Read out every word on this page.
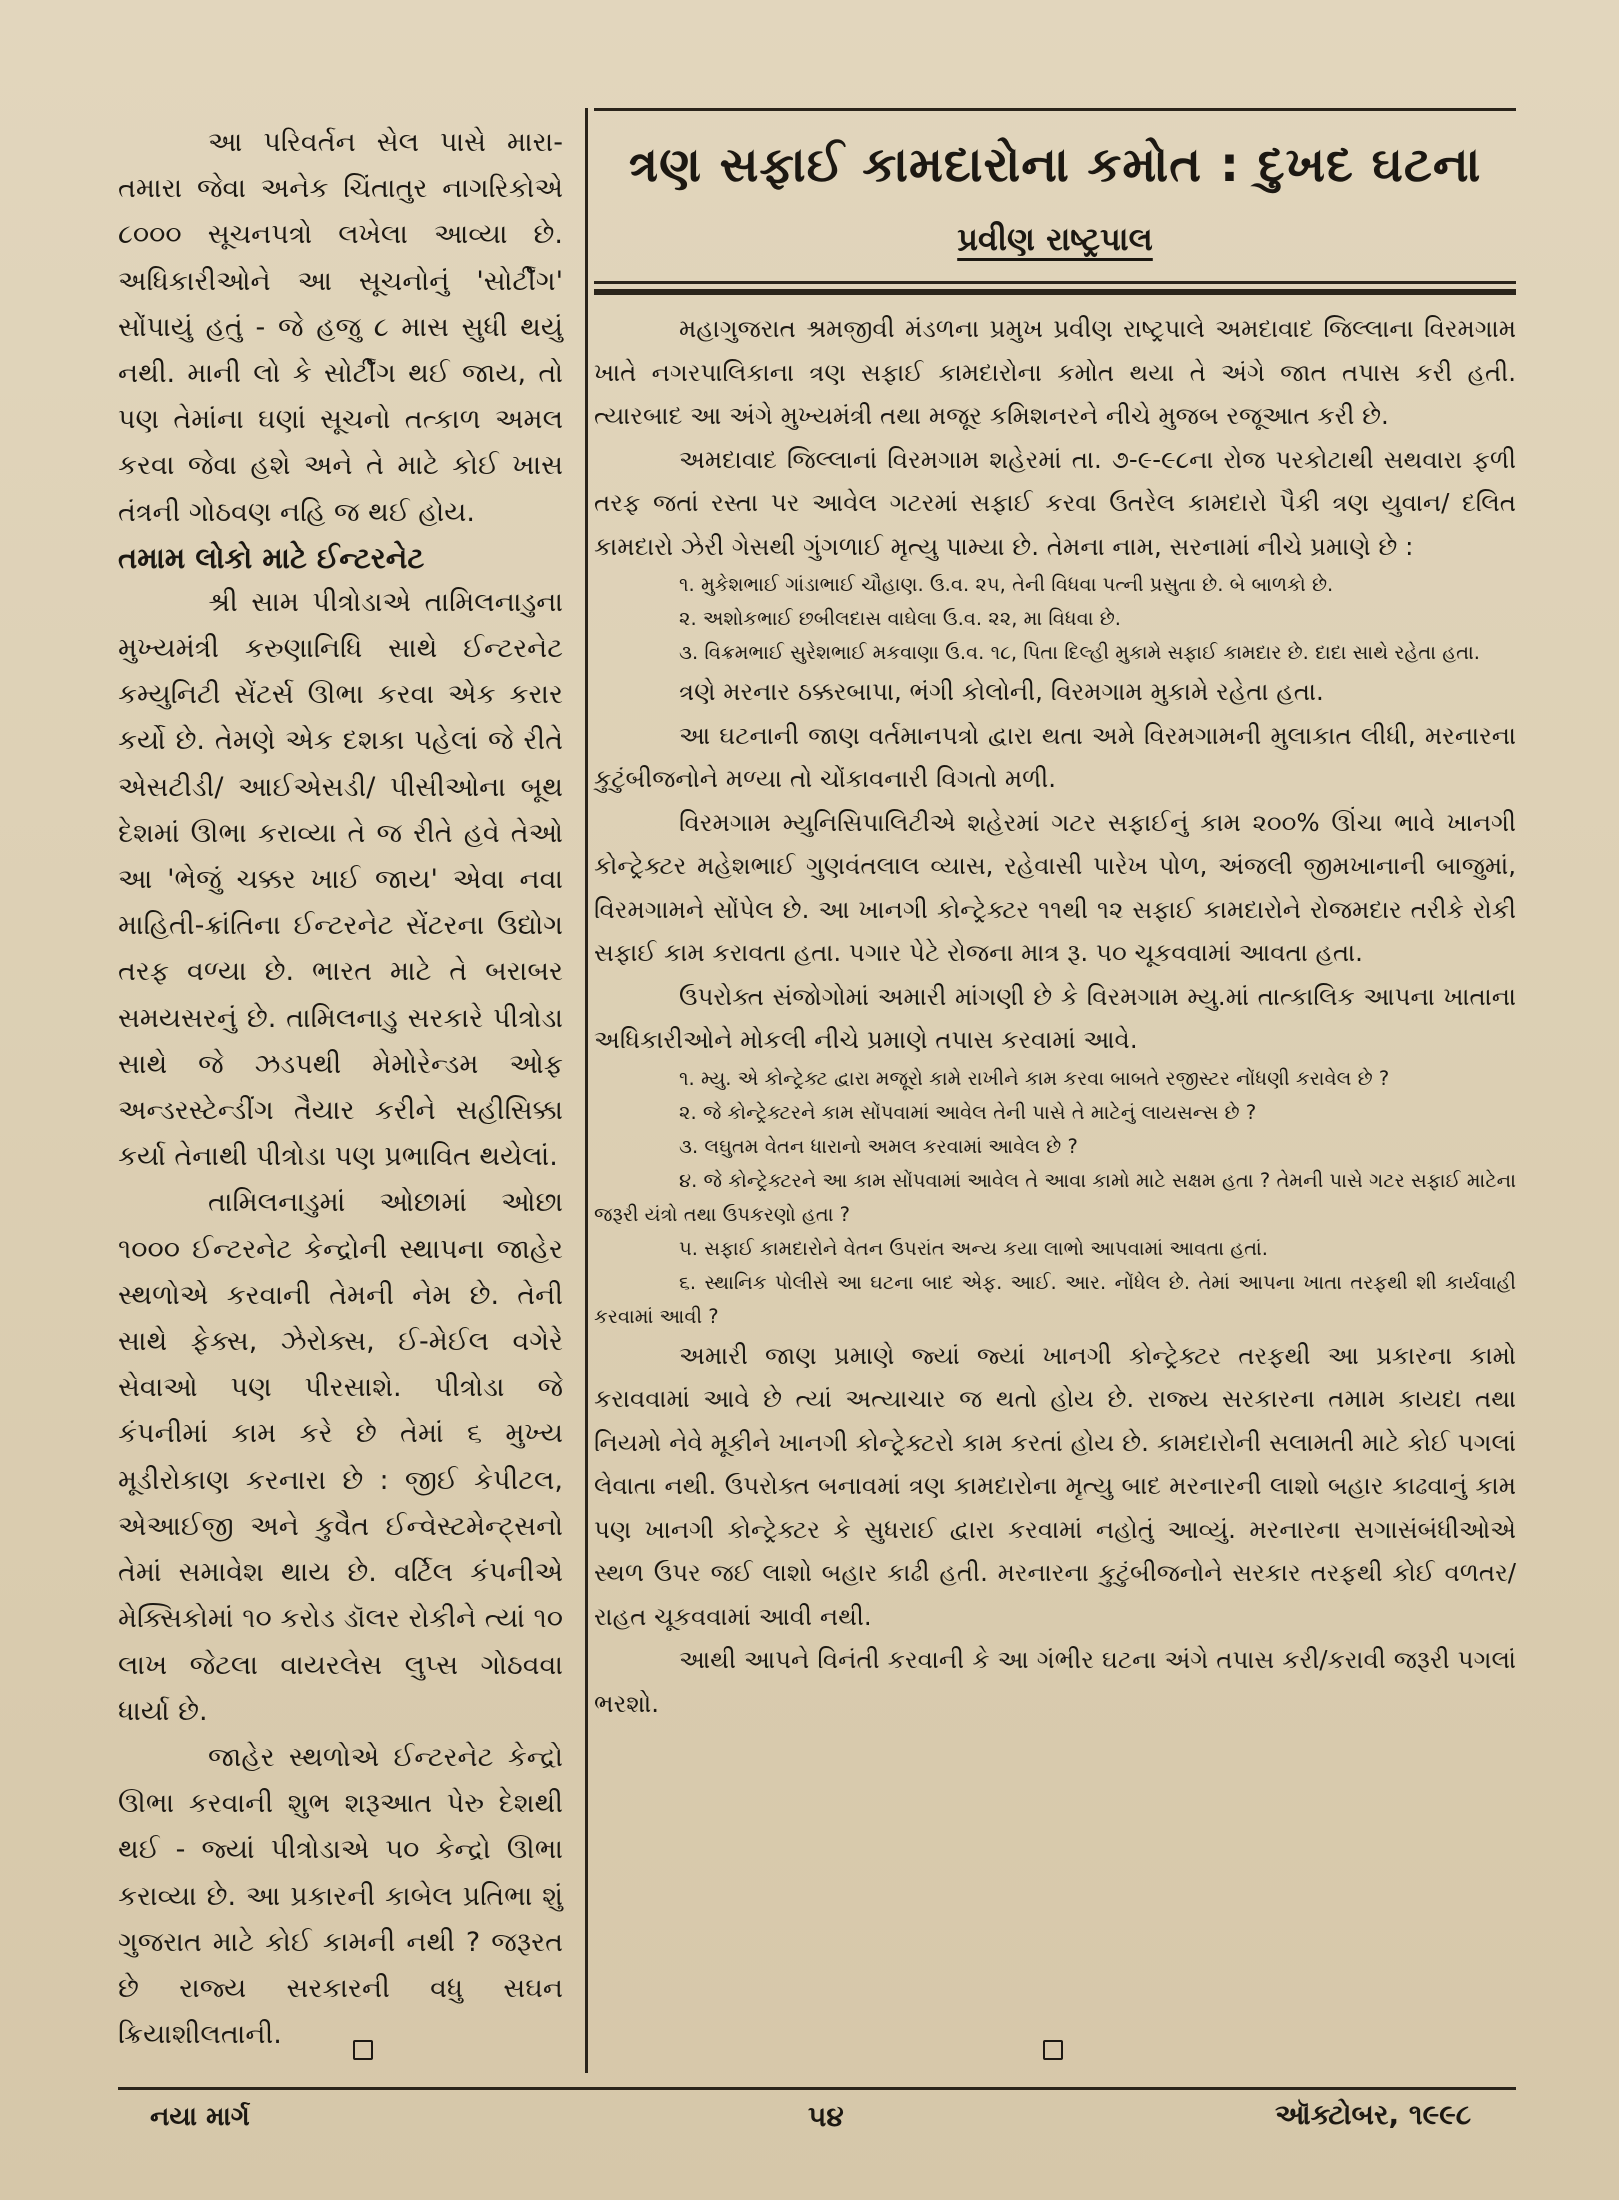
આ પરિવર્તન સેલ પાસે મારા-તમારા જેવા અનેક ચિંતાતુર નાગરિકોએ ૮૦૦૦ સૂચનપત્રો લખેલા આવ્યા છે. અધિકારીઓને આ સૂચનોનું 'સોર્ટીંગ' સોંપાયું હતું - જે હજુ ૮ માસ સુધી થયું નથી. માની લો કે સોર્ટીંગ થઈ જાય, તો પણ તેમાંના ઘણાં સૂચનો તત્કાળ અમલ કરવા જેવા હશે અને તે માટે કોઈ ખાસ તંત્રની ગોઠવણ નહિ જ થઈ હોય.

તમામ લોકો માટે ઈન્ટરનેટ

શ્રી સામ પીત્રોડાએ તામિલનાડુના મુખ્યમંત્રી કરુણાનિધિ સાથે ઈન્ટરનેટ કમ્યુનિટી સેંટર્સ ઊભા કરવા એક કરાર કર્યો છે. તેમણે એક દશકા પહેલાં જે રીતે એસટીડી/ આઈએસડી/ પીસીઓના બૂથ દેશમાં ઊભા કરાવ્યા તે જ રીતે હવે તેઓ આ 'ભેજું ચક્કર ખાઈ જાય' એવા નવા માહિતી-ક્રાંતિના ઈન્ટરનેટ સેંટરના ઉદ્યોગ તરફ વળ્યા છે. ભારત માટે તે બરાબર સમયસરનું છે. તામિલનાડુ સરકારે પીત્રોડા સાથે જે ઝડપથી મેમોરેન્ડમ ઓફ અન્ડરસ્ટેન્ડીંગ તૈયાર કરીને સહીસિક્કા કર્યા તેનાથી પીત્રોડા પણ પ્રભાવિત થયેલાં.

તામિલનાડુમાં ઓછામાં ઓછા ૧૦૦૦ ઈન્ટરનેટ કેન્દ્રોની સ્થાપના જાહેર સ્થળોએ કરવાની તેમની નેમ છે. તેની સાથે ફેક્સ, ઝેરોક્સ, ઈ-મેઈલ વગેરે સેવાઓ પણ પીરસાશે. પીત્રોડા જે કંપનીમાં કામ કરે છે તેમાં ૬ મુખ્ય મૂડીરોકાણ કરનારા છે : જીઈ કેપીટલ, એઆઈજી અને કુવૈત ઈન્વેસ્ટમેન્ટ્સનો તેમાં સમાવેશ થાય છે. વર્ટિલ કંપનીએ મેક્સિકોમાં ૧૦ કરોડ ડૉલર રોકીને ત્યાં ૧૦ લાખ જેટલા વાયરલેસ લુપ્સ ગોઠવવા ધાર્યા છે.

જાહેર સ્થળોએ ઈન્ટરનેટ કેન્દ્રો ઊભા કરવાની શુભ શરૂઆત પેરુ દેશથી થઈ - જ્યાં પીત્રોડાએ ૫૦ કેન્દ્રો ઊભા કરાવ્યા છે. આ પ્રકારની કાબેલ પ્રતિભા શું ગુજરાત માટે કોઈ કામની નથી ? જરૂરત છે રાજ્ય સરકારની વધુ સઘન ક્રિયાશીલતાની.

ત્રણ સફાઈ કામદારોના કમોત : દુખદ ઘટના
પ્રવીણ રાષ્ટ્રપાલ

મહાગુજરાત શ્રમજીવી મંડળના પ્રમુખ પ્રવીણ રાષ્ટ્રપાલે અમદાવાદ જિલ્લાના વિરમગામ ખાતે નગરપાલિકાના ત્રણ સફાઈ કામદારોના કમોત થયા તે અંગે જાત તપાસ કરી હતી. ત્યારબાદ આ અંગે મુખ્યમંત્રી તથા મજૂર કમિશનરને નીચે મુજબ રજૂઆત કરી છે.

અમદાવાદ જિલ્લાનાં વિરમગામ શહેરમાં તા. ૭-૯-૯૮ના રોજ પરકોટાથી સથવારા ફળી તરફ જતાં રસ્તા પર આવેલ ગટરમાં સફાઈ કરવા ઉતરેલ કામદારો પૈકી ત્રણ યુવાન/ દલિત કામદારો ઝેરી ગેસથી ગુંગળાઈ મૃત્યુ પામ્યા છે. તેમના નામ, સરનામાં નીચે પ્રમાણે છે :

૧. મુકેશભાઈ ગાંડાભાઈ ચૌહાણ. ઉ.વ. ૨૫, તેની વિધવા પત્ની પ્રસુતા છે. બે બાળકો છે.

૨. અશોકભાઈ છબીલદાસ વાઘેલા ઉ.વ. ૨૨, મા વિધવા છે.

૩. વિક્રમભાઈ સુરેશભાઈ મકવાણા ઉ.વ. ૧૮, પિતા દિલ્હી મુકામે સફાઈ કામદાર છે. દાદા સાથે રહેતા હતા.

ત્રણે મરનાર ઠક્કરબાપા, ભંગી કોલોની, વિરમગામ મુકામે રહેતા હતા.

આ ઘટનાની જાણ વર્તમાનપત્રો દ્વારા થતા અમે વિરમગામની મુલાકાત લીધી, મરનારના કુટુંબીજનોને મળ્યા તો ચોંકાવનારી વિગતો મળી.

વિરમગામ મ્યુનિસિપાલિટીએ શહેરમાં ગટર સફાઈનું કામ ૨૦૦% ઊંચા ભાવે ખાનગી કોન્ટ્રેક્ટર મહેશભાઈ ગુણવંતલાલ વ્યાસ, રહેવાસી પારેખ પોળ, અંજલી જીમખાનાની બાજુમાં, વિરમગામને સોંપેલ છે. આ ખાનગી કોન્ટ્રેક્ટર ૧૧થી ૧૨ સફાઈ કામદારોને રોજમદાર તરીકે રોકી સફાઈ કામ કરાવતા હતા. પગાર પેટે રોજના માત્ર રૂ. ૫૦ ચૂકવવામાં આવતા હતા.

ઉપરોક્ત સંજોગોમાં અમારી માંગણી છે કે વિરમગામ મ્યુ.માં તાત્કાલિક આપના ખાતાના અધિકારીઓને મોકલી નીચે પ્રમાણે તપાસ કરવામાં આવે.

૧. મ્યુ. એ કોન્ટ્રેક્ટ દ્વારા મજૂરો કામે રાખીને કામ કરવા બાબતે રજીસ્ટર નોંધણી કરાવેલ છે ?

૨. જે કોન્ટ્રેક્ટરને કામ સોંપવામાં આવેલ તેની પાસે તે માટેનું લાયસન્સ છે ?

૩. લઘુતમ વેતન ધારાનો અમલ કરવામાં આવેલ છે ?

૪. જે કોન્ટ્રેક્ટરને આ કામ સોંપવામાં આવેલ તે આવા કામો માટે સક્ષમ હતા ? તેમની પાસે ગટર સફાઈ માટેના જરૂરી યંત્રો તથા ઉપકરણો હતા ?

૫. સફાઈ કામદારોને વેતન ઉપરાંત અન્ય કયા લાભો આપવામાં આવતા હતાં.

૬. સ્થાનિક પોલીસે આ ઘટના બાદ એફ. આઈ. આર. નોંધેલ છે. તેમાં આપના ખાતા તરફથી શી કાર્યવાહી કરવામાં આવી ?

અમારી જાણ પ્રમાણે જ્યાં જ્યાં ખાનગી કોન્ટ્રેક્ટર તરફથી આ પ્રકારના કામો કરાવવામાં આવે છે ત્યાં અત્યાચાર જ થતો હોય છે. રાજ્ય સરકારના તમામ કાયદા તથા નિયમો નેવે મૂકીને ખાનગી કોન્ટ્રેક્ટરો કામ કરતાં હોય છે. કામદારોની સલામતી માટે કોઈ પગલાં લેવાતા નથી. ઉપરોક્ત બનાવમાં ત્રણ કામદારોના મૃત્યુ બાદ મરનારની લાશો બહાર કાઢવાનું કામ પણ ખાનગી કોન્ટ્રેક્ટર કે સુધરાઈ દ્વારા કરવામાં નહોતું આવ્યું. મરનારના સગાસંબંધીઓએ સ્થળ ઉપર જઈ લાશો બહાર કાઢી હતી. મરનારના કુટુંબીજનોને સરકાર તરફથી કોઈ વળતર/ રાહત ચૂકવવામાં આવી નથી.

આથી આપને વિનંતી કરવાની કે આ ગંભીર ઘટના અંગે તપાસ કરી/કરાવી જરૂરી પગલાં ભરશો.

નયા માર્ગ	૫૪	ઑક્ટોબર, ૧૯૯૮
